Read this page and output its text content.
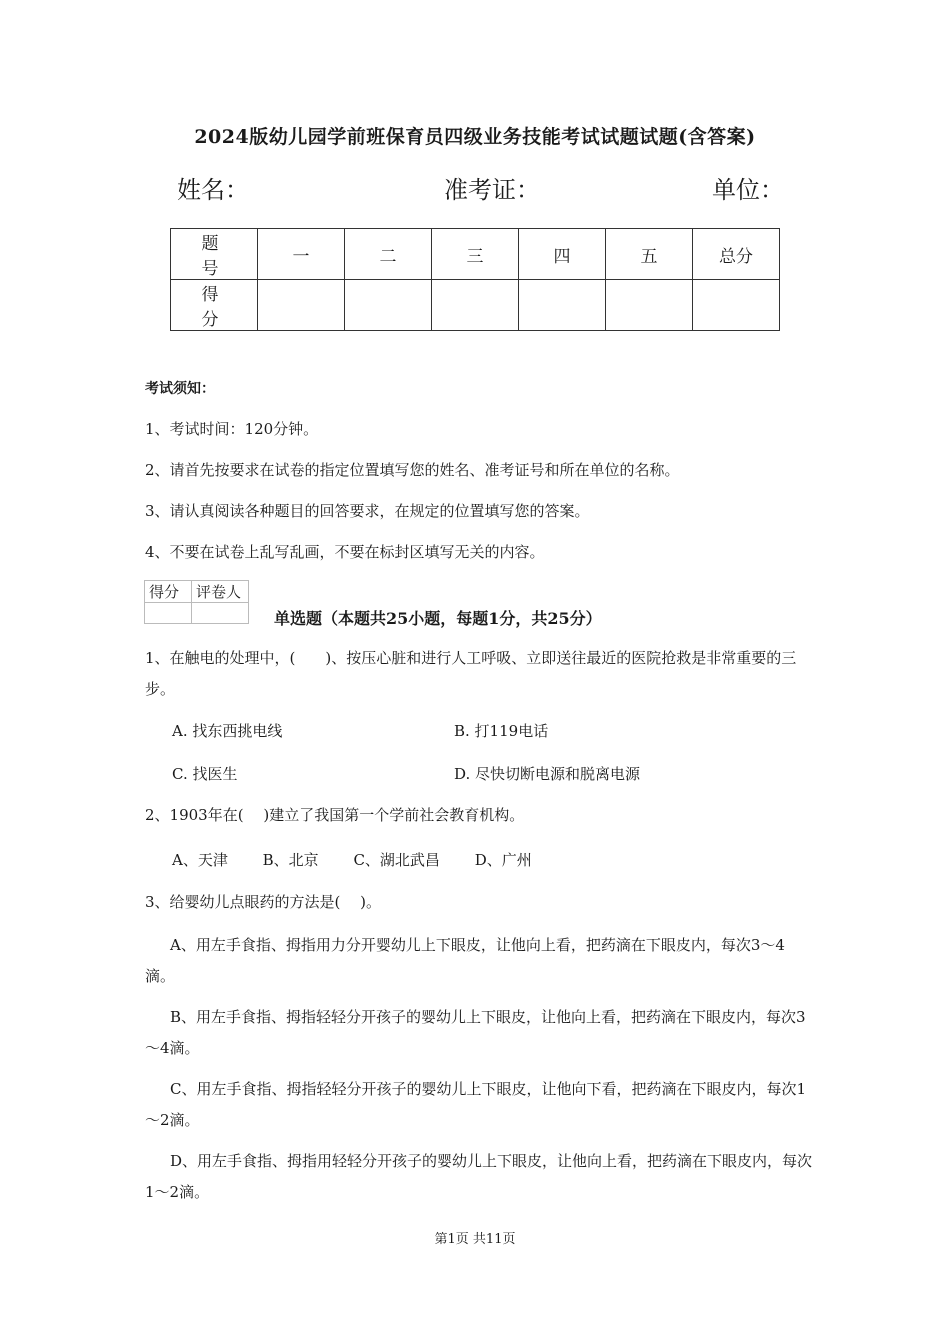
2024版幼儿园学前班保育员四级业务技能考试试题试题(含答案)
姓名：	准考证：	单位：
题　号	一	二	三	四	五	总分
得　分						
考试须知：
1、考试时间：120分钟。
2、请首先按要求在试卷的指定位置填写您的姓名、准考证号和所在单位的名称。
3、请认真阅读各种题目的回答要求，在规定的位置填写您的答案。
4、不要在试卷上乱写乱画，不要在标封区填写无关的内容。
得分	评卷人

单选题（本题共25小题，每题1分，共25分）
1、在触电的处理中，(　　)、按压心脏和进行人工呼吸、立即送往最近的医院抢救是非常重要的三步。
A. 找东西挑电线	B. 打119电话
C. 找医生	D. 尽快切断电源和脱离电源
2、1903年在(　 )建立了我国第一个学前社会教育机构。
A、天津 B、北京 C、湖北武昌 D、广州
3、给婴幼儿点眼药的方法是(　 )。
A、用左手食指、拇指用力分开婴幼儿上下眼皮，让他向上看，把药滴在下眼皮内，每次3～4滴。
B、用左手食指、拇指轻轻分开孩子的婴幼儿上下眼皮，让他向上看，把药滴在下眼皮内，每次3～4滴。
C、用左手食指、拇指轻轻分开孩子的婴幼儿上下眼皮，让他向下看，把药滴在下眼皮内，每次1～2滴。
D、用左手食指、拇指用轻轻分开孩子的婴幼儿上下眼皮，让他向上看，把药滴在下眼皮内，每次1～2滴。
第1页 共11页
